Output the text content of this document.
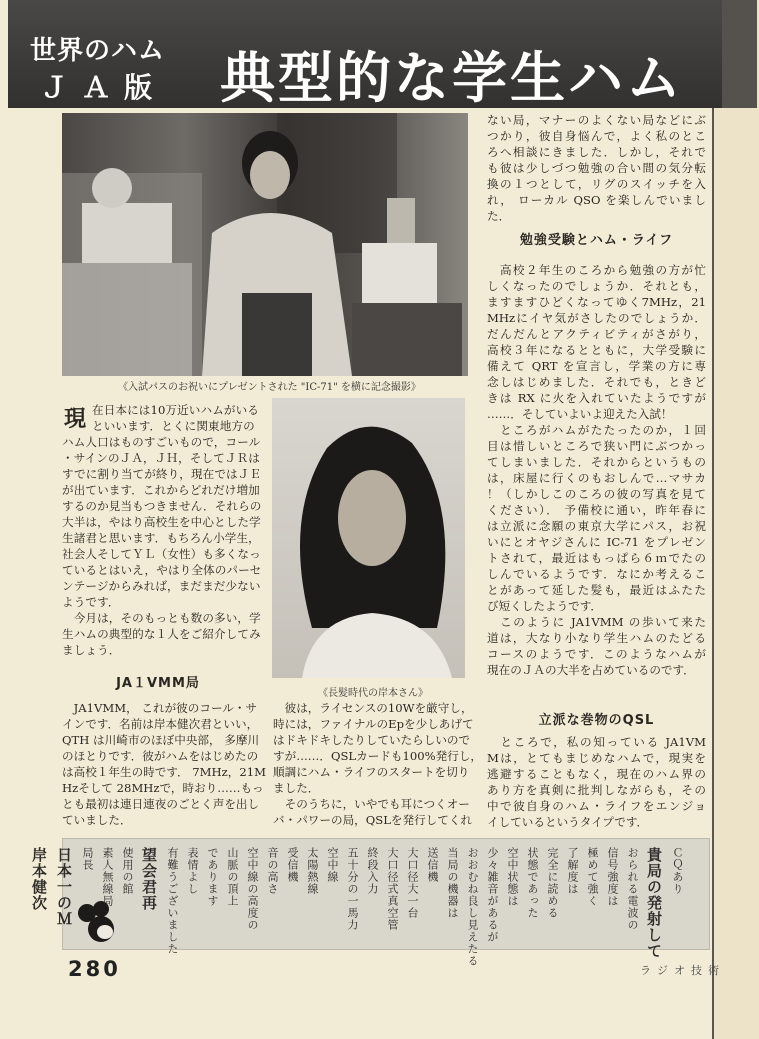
世界のハム
ＪＡ版 典型的な学生ハム
《入試パスのお祝いにプレゼントされた "IC-71" を横に記念撮影》
《長髪時代の岸本さん》
現 在日本には10万近いハムがいる
といいます．とくに関東地方の
ハム人口はものすごいもので，コール
・サインのＪＡ，ＪＨ，そしてＪＲは
すでに割り当てが終り，現在ではＪＥ
が出ています．これからどれだけ増加
するのか見当もつきません．それらの
大半は，やはり高校生を中心とした学
生諸君と思います．もちろん小学生，
社会人そしてＹＬ（女性）も多くなっ
ているとはいえ，やはり全体のパーセ
ンテージからみれば，まだまだ少ない
ようです．
　今月は，そのもっとも数の多い，学
生ハムの典型的な１人をご紹介してみ
ましょう．
JA１VMM局
　JA1VMM， これが彼のコール・サ
インです．名前は岸本健次君といい，
QTH は川崎市のほぼ中央部， 多摩川
のほとりです．彼がハムをはじめたの
は高校１年生の時です． 7MHz，21M
Hzそして 28MHzで，時おり……もっ
とも最初は連日連夜のごとく声を出し
ていました．
　彼は，ライセンスの10Wを厳守し，
時には，ファイナルのEpを少しあげて
はドキドキしたりしていたらしいので
すが……．QSLカードも100%発行し，
順調にハム・ライフのスタートを切り
ました．
　そのうちに，いやでも耳につくオー
バ・パワーの局，QSLを発行してくれ
ない局，マナーのよくない局などにぶ
つかり，彼自身悩んで，よく私のとこ
ろへ相談にきました．しかし，それで
も彼は少しづつ勉強の合い間の気分転
換の１つとして，リグのスイッチを入
れ， ローカル QSO を楽しんでいまし
た．
勉強受験とハム・ライフ
　高校２年生のころから勉強の方が忙
しくなったのでしょうか．それとも，
ますますひどくなってゆく7MHz，21
MHzにイヤ気がさしたのでしょうか．
だんだんとアクティビティがさがり，
高校３年になるとともに，大学受験に
備えて QRT を宣言し，学業の方に専
念しはじめました．それでも，ときど
きは RX に火を入れていたようですが
……．そしていよいよ迎えた入試！
　ところがハムがたたったのか，１回
目は惜しいところで狭い門にぶつかっ
てしまいました．それからというもの
は，床屋に行くのもおしんで…マサカ
！（しかしこのころの彼の写真を見て
ください）． 予備校に通い，昨年春に
は立派に念願の東京大学にパス，お祝
いにとオヤジさんに IC-71 をプレゼン
トされて，最近はもっぱら６ｍでたの
しんでいるようです．なにか考えるこ
とがあって延した髪も，最近はふたた
び短くしたようです．
　このように JA1VMM の歩いて来た
道は，大なり小なり学生ハムのたどる
コースのようです．このようなハムが
現在のＪＡの大半を占めているのです．
立派な巻物のQSL
　ところで，私の知っている JA1VM
Mは，とてもまじめなハムで，現実を
逃避することもなく，現在のハム界の
あり方を真剣に批判しながらも，その
中で彼自身のハム・ライフをエンジョ
イしているというタイプです．
ＣＱあり
貴局の発射して
おられる電波の
信号強度は
極めて強く
了解度は
完全に読める
状態であった
空中状態は
少々雑音があるが
おおむね良し見えたる
当局の機器は
送信機
大口径大一台
大口径式真空管
終段入力
五十分の一馬力
空中線
太陽熱線
受信機
音の高さ
空中線の高度の
山脈の頂上
であります
表情よし
有難うございました
望会君再
使用の館
素人無線局
局長
日本一のＭ
岸本健次
280	ラジオ技術
